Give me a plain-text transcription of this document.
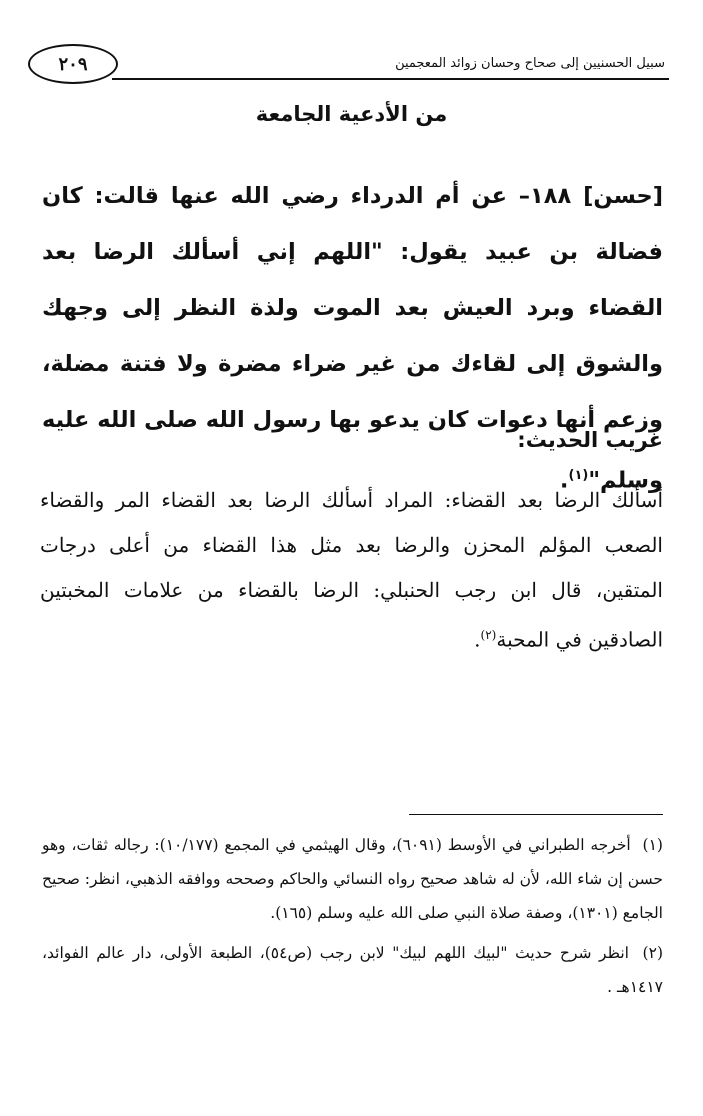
٢٠٩	سبيل الحسنيين إلى صحاح وحسان زوائد المعجمين
من الأدعية الجامعة
[حسن] ١٨٨– عن أم الدرداء رضي الله عنها قالت: كان فضالة بن عبيد يقول: "اللهم إني أسألك الرضا بعد القضاء وبرد العيش بعد الموت ولذة النظر إلى وجهك والشوق إلى لقاءك من غير ضراء مضرة ولا فتنة مضلة، وزعم أنها دعوات كان يدعو بها رسول الله صلى الله عليه وسلم"$^{(١)}$.
غريب الحديث:
أسألك الرضا بعد القضاء: المراد أسألك الرضا بعد القضاء المر والقضاء الصعب المؤلم المحزن والرضا بعد مثل هذا القضاء من أعلى درجات المتقين، قال ابن رجب الحنبلي: الرضا بالقضاء من علامات المخبتين الصادقين في المحبة$^{(٢)}$.

(١) أخرجه الطبراني في الأوسط (٦٠٩١)، وقال الهيثمي في المجمع (١٠/١٧٧): رجاله ثقات، وهو حسن إن شاء الله، لأن له شاهد صحيح رواه النسائي والحاكم وصححه ووافقه الذهبي، انظر: صحيح الجامع (١٣٠١)، وصفة صلاة النبي صلى الله عليه وسلم (١٦٥).

(٢) انظر شرح حديث "لبيك اللهم لبيك" لابن رجب (ص٥٤)، الطبعة الأولى، دار عالم الفوائد، ١٤١٧هـ .
